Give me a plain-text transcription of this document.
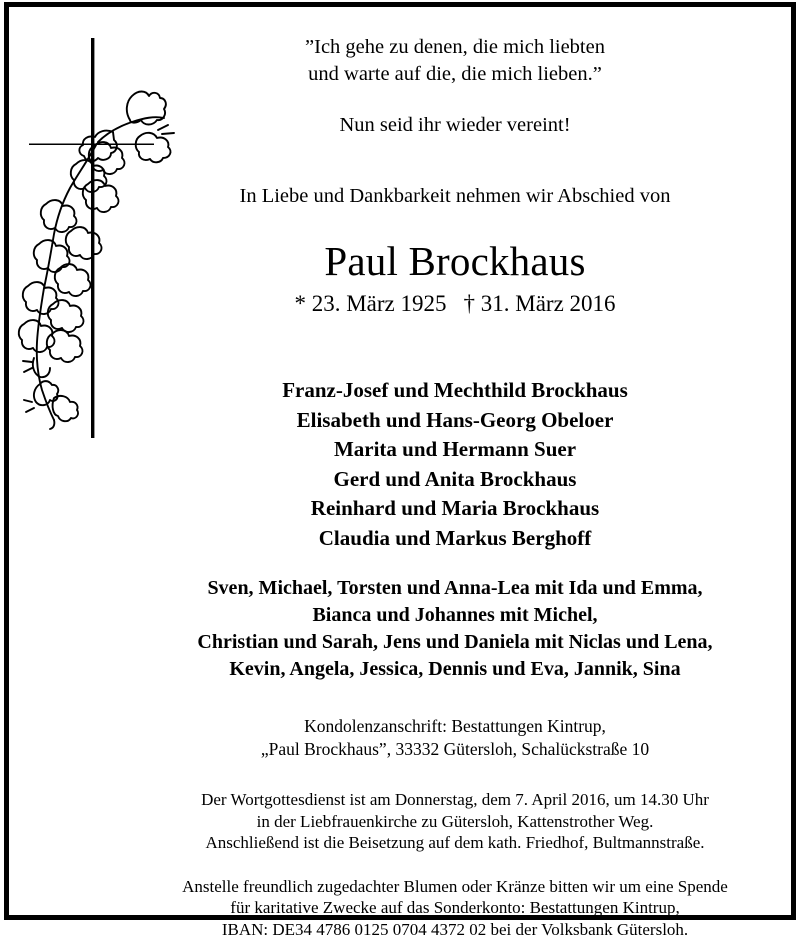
”Ich gehe zu denen, die mich liebten
und warte auf die, die mich lieben.”
Nun seid ihr wieder vereint!
In Liebe und Dankbarkeit nehmen wir Abschied von
Paul Brockhaus
* 23. März 1925 † 31. März 2016
Franz-Josef und Mechthild Brockhaus
Elisabeth und Hans-Georg Obeloer
Marita und Hermann Suer
Gerd und Anita Brockhaus
Reinhard und Maria Brockhaus
Claudia und Markus Berghoff
Sven, Michael, Torsten und Anna-Lea mit Ida und Emma,
Bianca und Johannes mit Michel,
Christian und Sarah, Jens und Daniela mit Niclas und Lena,
Kevin, Angela, Jessica, Dennis und Eva, Jannik, Sina
Kondolenzanschrift: Bestattungen Kintrup,
„Paul Brockhaus”, 33332 Gütersloh, Schalückstraße 10
Der Wortgottesdienst ist am Donnerstag, dem 7. April 2016, um 14.30 Uhr
in der Liebfrauenkirche zu Gütersloh, Kattenstrother Weg.
Anschließend ist die Beisetzung auf dem kath. Friedhof, Bultmannstraße.
Anstelle freundlich zugedachter Blumen oder Kränze bitten wir um eine Spende
für karitative Zwecke auf das Sonderkonto: Bestattungen Kintrup,
IBAN: DE34 4786 0125 0704 4372 02 bei der Volksbank Gütersloh.
